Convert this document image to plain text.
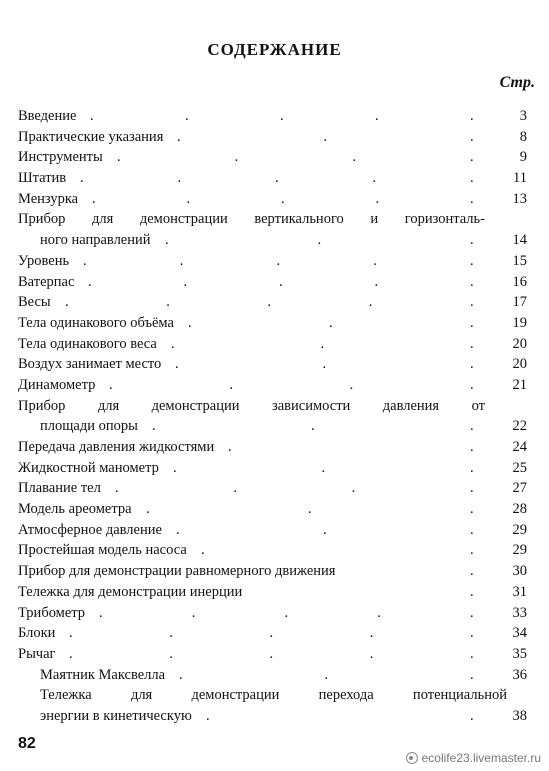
СОДЕРЖАНИЕ
Стр.
Введение .	.	.	.	.	3
Практические указания .	.	.	8
Инструменты .	.	.	.	9
Штатив .	.	.	.	.	11
Мензурка .	.	.	.	.	13
Прибор для демонстрации вертикального и горизонталь-
ного направлений .	.	.	14
Уровень .	.	.	.	.	15
Ватерпас .	.	.	.	.	16
Весы .	.	.	.	.	17
Тела одинакового объёма .	.	.	19
Тела одинакового веса .	.	.	20
Воздух занимает место .	.	.	20
Динамометр .	.	.	.	21
Прибор для демонстрации зависимости давления от
площади опоры .	.	.	22
Передача давления жидкостями .	.	24
Жидкостной манометр .	.	.	25
Плавание тел .	.	.	.	27
Модель ареометра .	.	.	28
Атмосферное давление .	.	.	29
Простейшая модель насоса .	.	29
Прибор для демонстрации равномерного движения	.	30
Тележка для демонстрации инерции	.	31
Трибометр .	.	.	.	.	33
Блоки .	.	.	.	.	34
Рычаг .	.	.	.	.	35
Маятник Максвелла .	.	.	36
Тележка для демонстрации перехода потенциальной
энергии в кинетическую .	.	38
82
ecolife23.livemaster.ru
